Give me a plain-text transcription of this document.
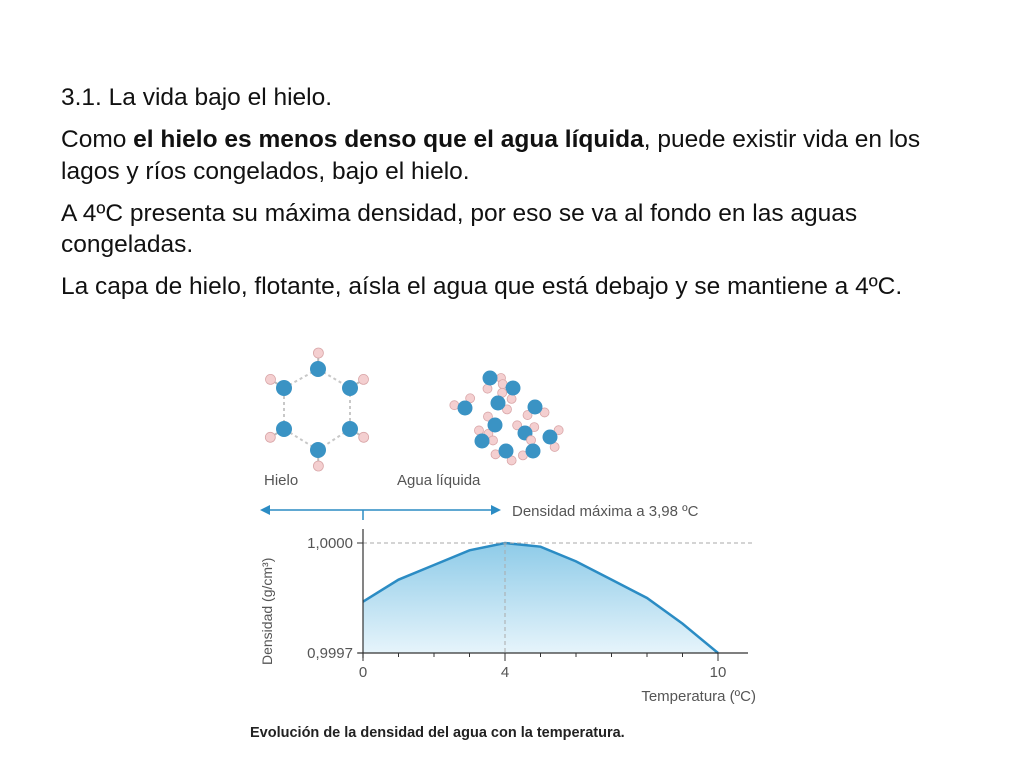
3.1. La vida bajo el hielo.

Como el hielo es menos denso que el agua líquida, puede existir vida en los lagos y ríos congelados, bajo el hielo.

A 4ºC presenta su máxima densidad, por eso se va al fondo en las aguas congeladas.

La capa de hielo, flotante, aísla el agua que está debajo y se mantiene a 4ºC.

Hielo	Agua líquida
Densidad máxima a 3,98 ºC
Densidad (g/cm³)
Temperatura (ºC)
0	4	10
1,0000
0,9997
Evolución de la densidad del agua con la temperatura.
